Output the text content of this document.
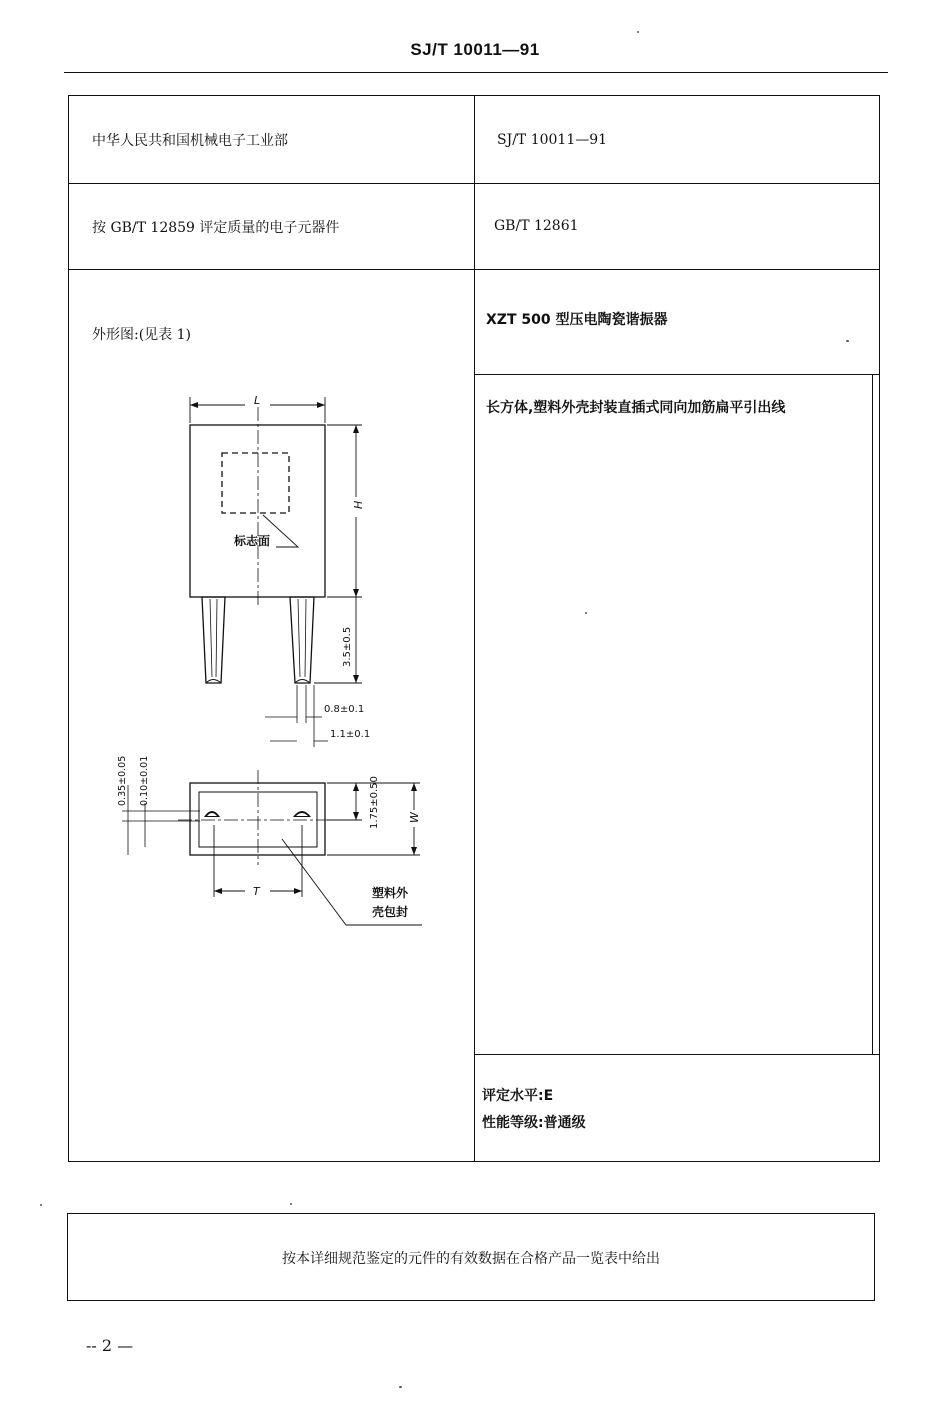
SJ/T 10011—91
中华人民共和国机械电子工业部	SJ/T 10011—91
按 GB/T 12859 评定质量的电子元器件	GB/T 12861
外形图:(见表 1)
XZT 500 型压电陶瓷谐振器
长方体,塑料外壳封装直插式同向加筋扁平引出线
评定水平:E
性能等级:普通级
L
H
标志面
3.5±0.5
0.8±0.1
1.1±0.1
0.35±0.05 0.10±0.01	1.75±0.50	W
T	塑料外
壳包封
按本详细规范鉴定的元件的有效数据在合格产品一览表中给出
-- 2 —
